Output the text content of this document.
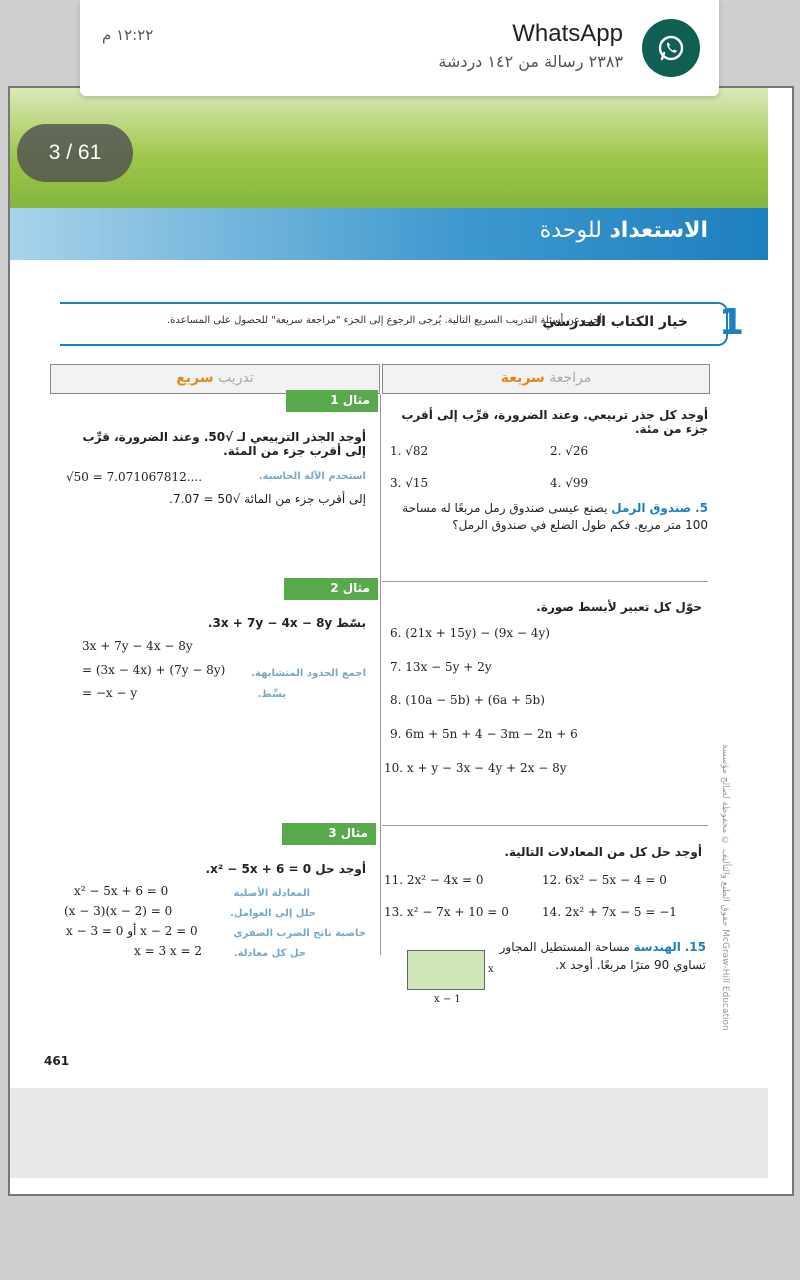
WhatsApp
٢٣٨٣ رسالة من ١٤٢ دردشة
١٢:٢٢ م
3 / 61
الاستعداد للوحدة
1
خيار الكتاب المدرسي
أجب عن أسئلة التدريب السريع التالية. يُرجى الرجوع إلى الجزء "مراجعة سريعة" للحصول على المساعدة.
مراجعة سريعة
تدريب سريع
مثال 1
أوجد الجذر التربيعي لـ √50. وعند الضرورة، قرِّب إلى أقرب جزء من المئة.
√50 = 7.071067812....	استخدم الآلة الحاسبة.
إلى أقرب جزء من المائة √50 = 7.07.
أوجد كل جذر تربيعي. وعند الضرورة، قرِّب إلى أقرب جزء من مئة.
1. √82	2. √26
3. √15	4. √99
5. صندوق الرمل يصنع عيسى صندوق رمل مربعًا له مساحة 100 متر مربع. فكم طول الضلع في صندوق الرمل؟
مثال 2
بسّط 3x + 7y − 4x − 8y.
3x + 7y − 4x − 8y
= (3x − 4x) + (7y − 8y)
= −x − y
اجمع الحدود المتشابهة.
بسِّط.
حوّل كل تعبير لأبسط صورة.
6. (21x + 15y) − (9x − 4y)
7. 13x − 5y + 2y
8. (10a − 5b) + (6a + 5b)
9. 6m + 5n + 4 − 3m − 2n + 6
10. x + y − 3x − 4y + 2x − 8y
مثال 3
أوجد حل 0 = x² − 5x + 6.
x² − 5x + 6 = 0
(x − 3)(x − 2) = 0
x − 3 = 0 أو x − 2 = 0
x = 3 x = 2
المعادلة الأصلية
حلل إلى العوامل.
خاصية ناتج الضرب الصفري
حل كل معادلة.
أوجد حل كل من المعادلات التالية.
11. 2x² − 4x = 0	12. 6x² − 5x − 4 = 0
13. x² − 7x + 10 = 0	14. 2x² + 7x − 5 = −1
15. الهندسة مساحة المستطيل المجاور تساوي 90 مترًا مربعًا. أوجد x.
x
x − 1
حقوق الطبع والتأليف © محفوظة لصالح مؤسسة McGraw-Hill Education
461
